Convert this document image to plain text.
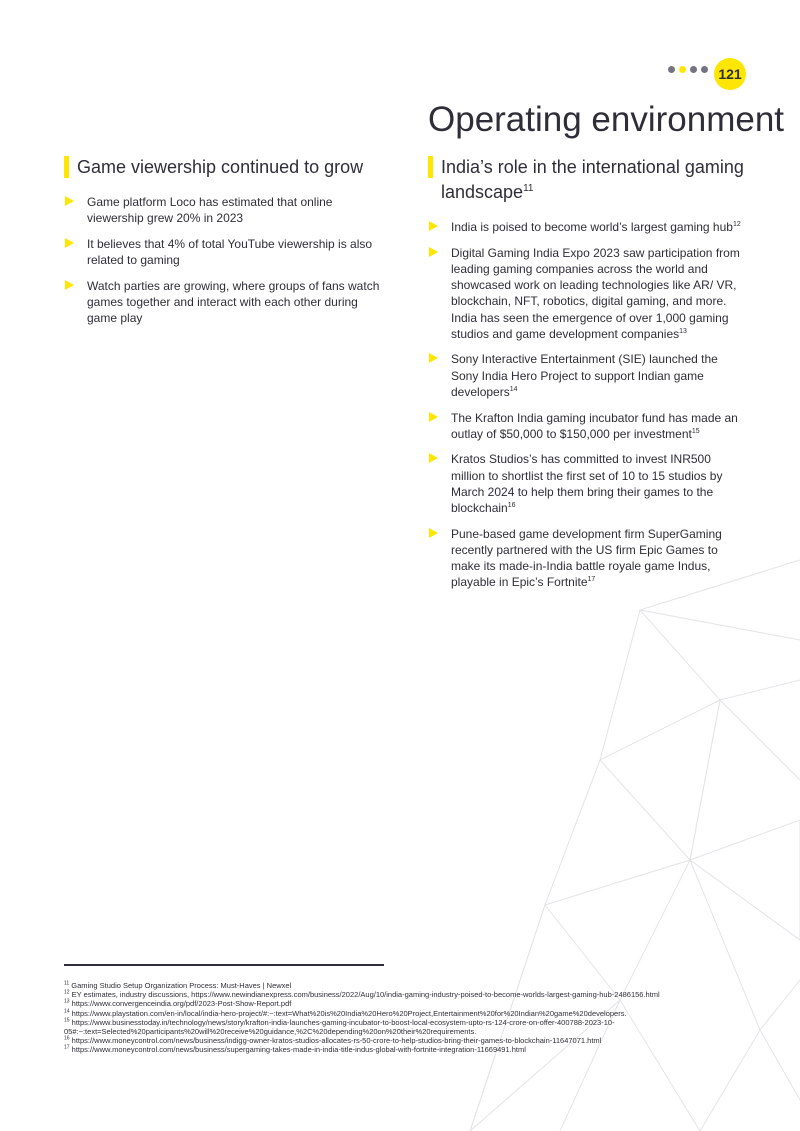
121
Operating environment
Game viewership continued to grow
Game platform Loco has estimated that online viewership grew 20% in 2023
It believes that 4% of total YouTube viewership is also related to gaming
Watch parties are growing, where groups of fans watch games together and interact with each other during game play
India’s role in the international gaming landscape$^{11}$
India is poised to become world’s largest gaming hub$^{12}$
Digital Gaming India Expo 2023 saw participation from leading gaming companies across the world and showcased work on leading technologies like AR/ VR, blockchain, NFT, robotics, digital gaming, and more. India has seen the emergence of over 1,000 gaming studios and game development companies$^{13}$
Sony Interactive Entertainment (SIE) launched the Sony India Hero Project to support Indian game developers$^{14}$
The Krafton India gaming incubator fund has made an outlay of $50,000 to $150,000 per investment$^{15}$
Kratos Studios’s has committed to invest INR500 million to shortlist the first set of 10 to 15 studios by March 2024 to help them bring their games to the blockchain$^{16}$
Pune-based game development firm SuperGaming recently partnered with the US firm Epic Games to make its made-in-India battle royale game Indus, playable in Epic’s Fortnite$^{17}$

$^{11}$ Gaming Studio Setup Organization Process: Must-Haves | Newxel

$^{12}$ EY estimates, industry discussions, https://www.newindianexpress.com/business/2022/Aug/10/india-gaming-industry-poised-to-become-worlds-largest-gaming-hub-2486156.html

$^{13}$ https://www.convergenceindia.org/pdf/2023-Post-Show-Report.pdf

$^{14}$ https://www.playstation.com/en-in/local/india-hero-project/#:~:text=What%20is%20India%20Hero%20Project,Entertainment%20for%20Indian%20game%20developers.

$^{15}$ https://www.businesstoday.in/technology/news/story/krafton-india-launches-gaming-incubator-to-boost-local-ecosystem-upto-rs-124-crore-on-offer-400788-2023-10-05#:~:text=Selected%20participants%20will%20receive%20guidance,%2C%20depending%20on%20their%20requirements.

$^{16}$ https://www.moneycontrol.com/news/business/indigg-owner-kratos-studios-allocates-rs-50-crore-to-help-studios-bring-their-games-to-blockchain-11647071.html

$^{17}$ https://www.moneycontrol.com/news/business/supergaming-takes-made-in-india-title-indus-global-with-fortnite-integration-11669491.html
